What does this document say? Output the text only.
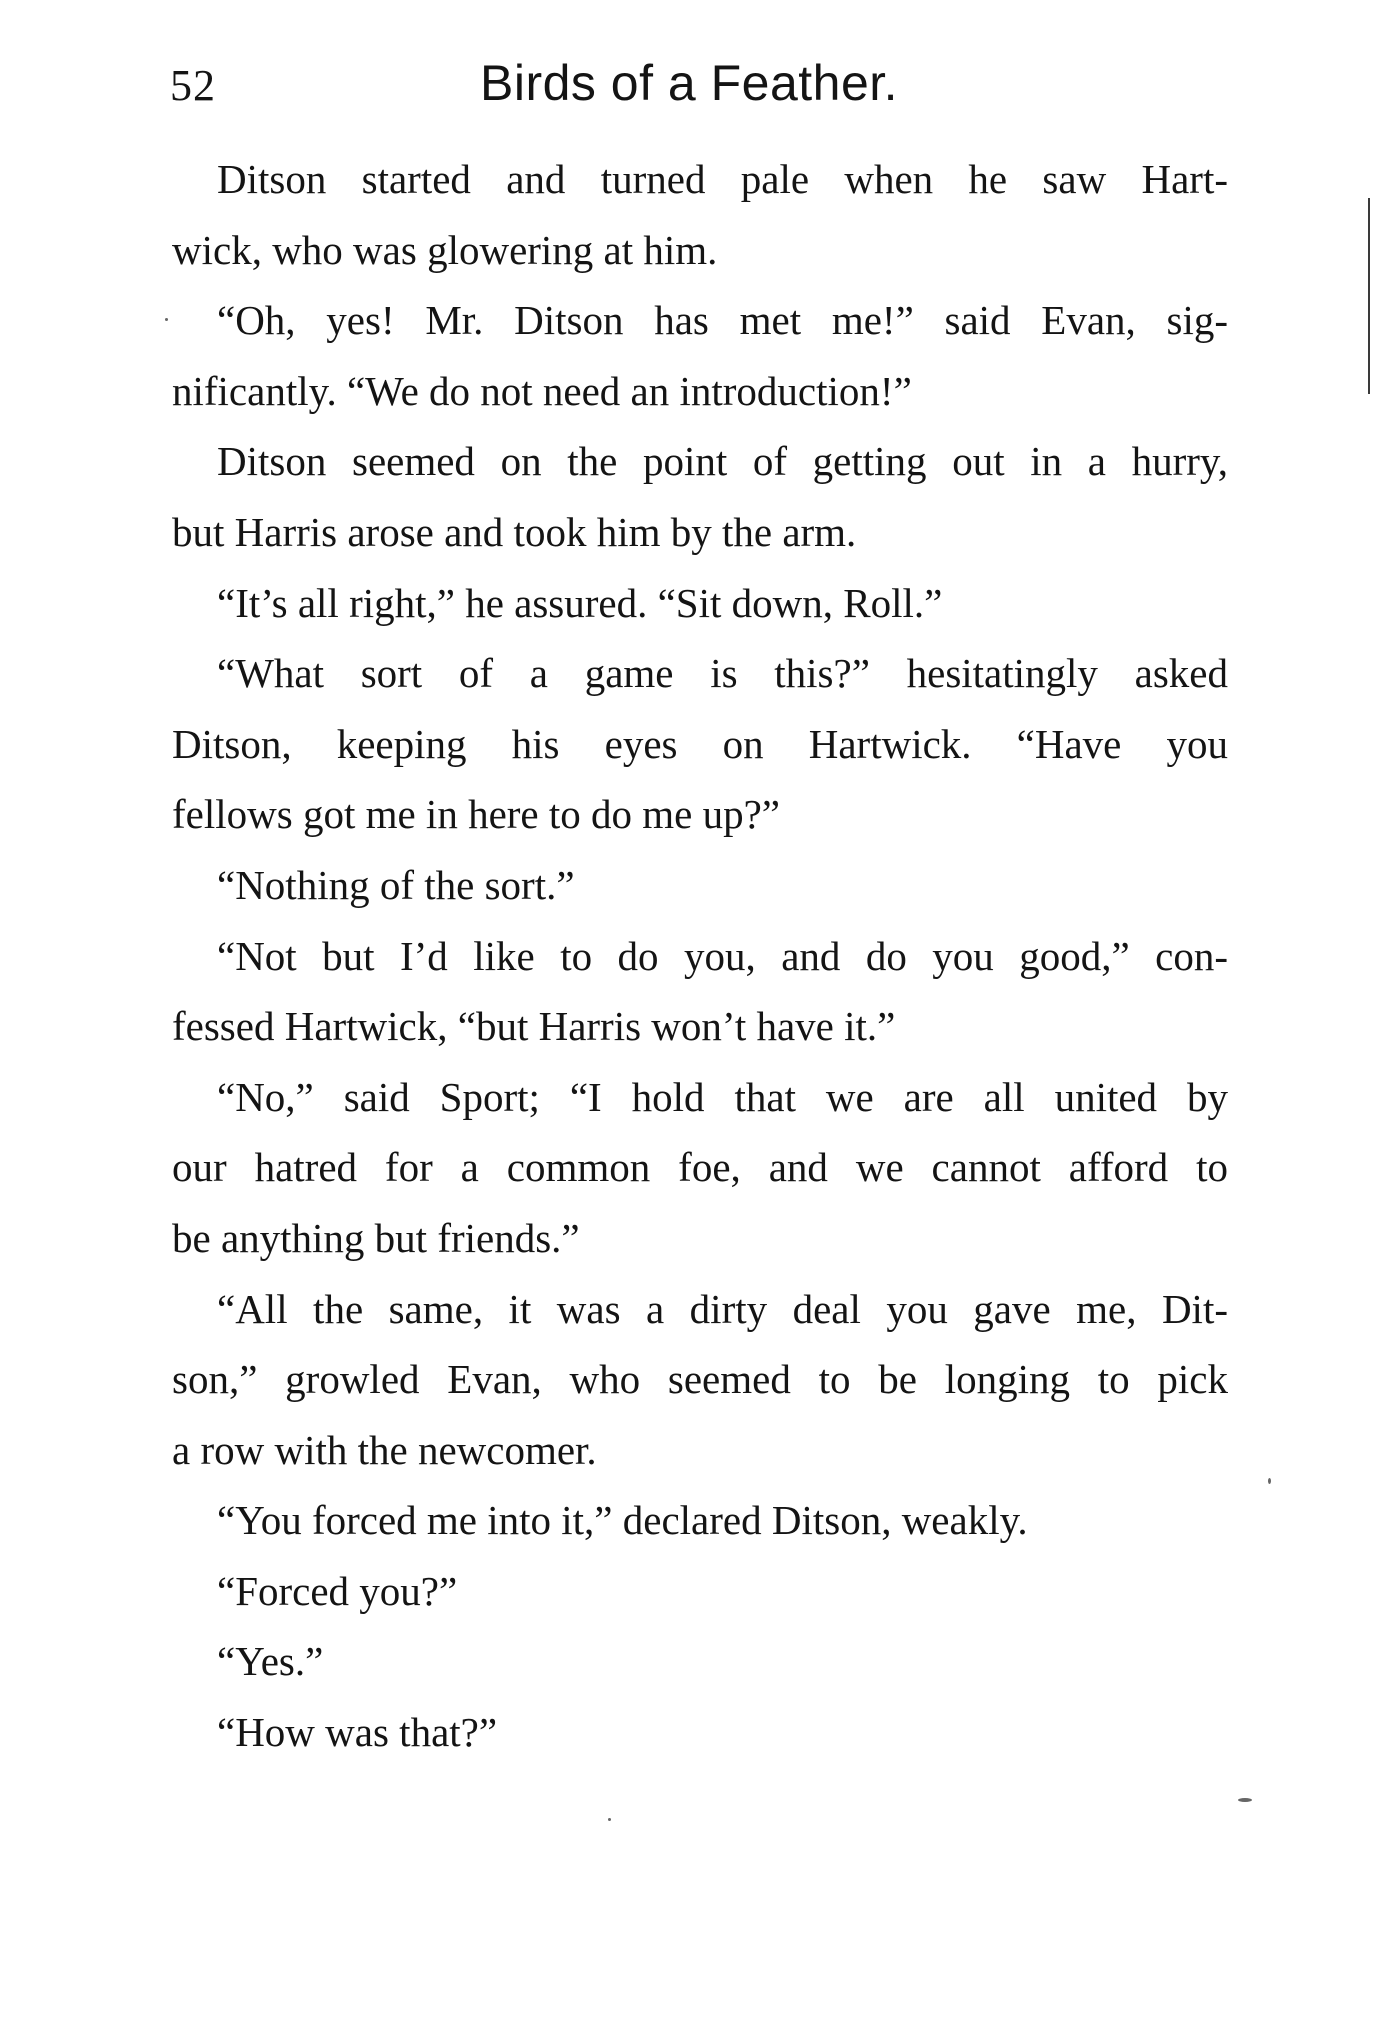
52	Birds of a Feather.
Ditson started and turned pale when he saw Hart-
wick, who was glowering at him.
“Oh, yes! Mr. Ditson has met me!” said Evan, sig-
nificantly. “We do not need an introduction!”
Ditson seemed on the point of getting out in a hurry,
but Harris arose and took him by the arm.
“It’s all right,” he assured. “Sit down, Roll.”
“What sort of a game is this?” hesitatingly asked
Ditson, keeping his eyes on Hartwick. “Have you
fellows got me in here to do me up?”
“Nothing of the sort.”
“Not but I’d like to do you, and do you good,” con-
fessed Hartwick, “but Harris won’t have it.”
“No,” said Sport; “I hold that we are all united by
our hatred for a common foe, and we cannot afford to
be anything but friends.”
“All the same, it was a dirty deal you gave me, Dit-
son,” growled Evan, who seemed to be longing to pick
a row with the newcomer.
“You forced me into it,” declared Ditson, weakly.
“Forced you?”
“Yes.”
“How was that?”
